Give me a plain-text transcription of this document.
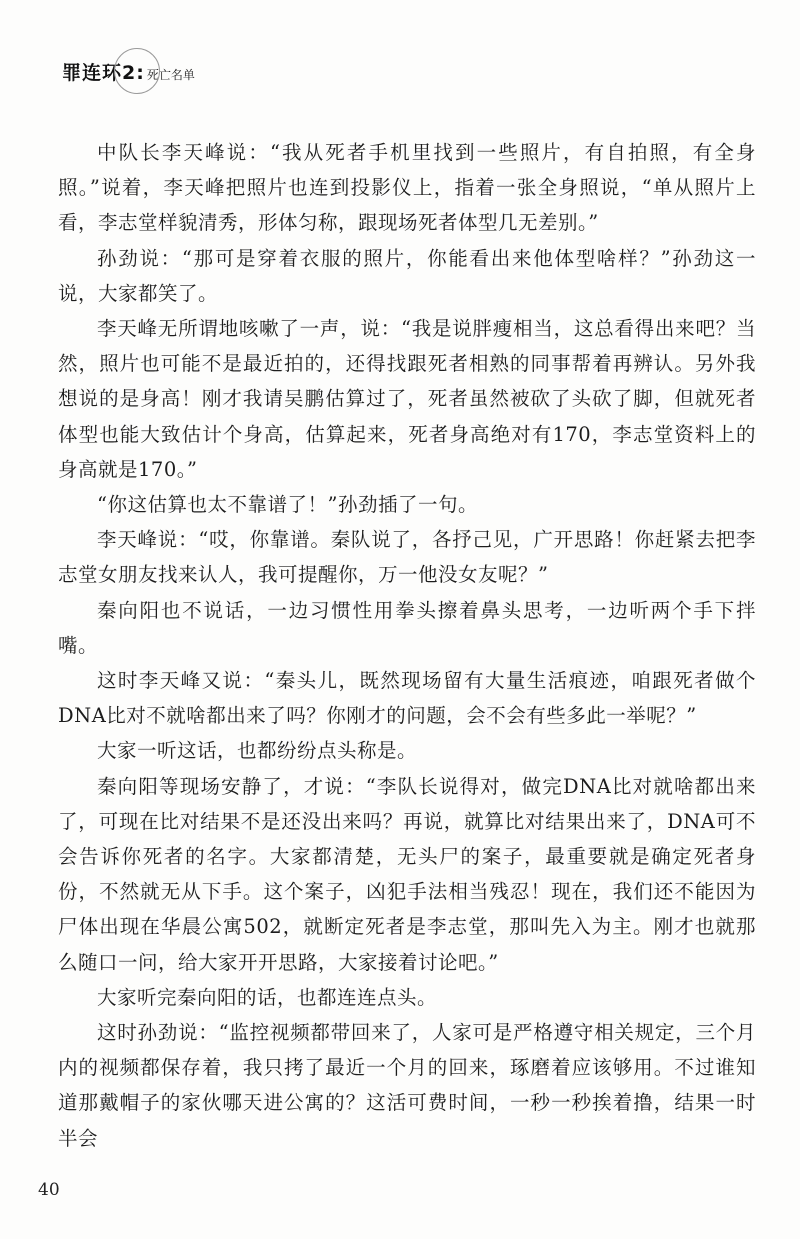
罪连环2: 死亡名单

中队长李天峰说：“我从死者手机里找到一些照片，有自拍照，有全身照。”说着，李天峰把照片也连到投影仪上，指着一张全身照说，“单从照片上看，李志堂样貌清秀，形体匀称，跟现场死者体型几无差别。”

孙劲说：“那可是穿着衣服的照片，你能看出来他体型啥样？”孙劲这一说，大家都笑了。

李天峰无所谓地咳嗽了一声，说：“我是说胖瘦相当，这总看得出来吧？当然，照片也可能不是最近拍的，还得找跟死者相熟的同事帮着再辨认。另外我想说的是身高！刚才我请吴鹏估算过了，死者虽然被砍了头砍了脚，但就死者体型也能大致估计个身高，估算起来，死者身高绝对有170，李志堂资料上的身高就是170。”

“你这估算也太不靠谱了！”孙劲插了一句。

李天峰说：“哎，你靠谱。秦队说了，各抒己见，广开思路！你赶紧去把李志堂女朋友找来认人，我可提醒你，万一他没女友呢？”

秦向阳也不说话，一边习惯性用拳头擦着鼻头思考，一边听两个手下拌嘴。

这时李天峰又说：“秦头儿，既然现场留有大量生活痕迹，咱跟死者做个DNA比对不就啥都出来了吗？你刚才的问题，会不会有些多此一举呢？”

大家一听这话，也都纷纷点头称是。

秦向阳等现场安静了，才说：“李队长说得对，做完DNA比对就啥都出来了，可现在比对结果不是还没出来吗？再说，就算比对结果出来了，DNA可不会告诉你死者的名字。大家都清楚，无头尸的案子，最重要就是确定死者身份，不然就无从下手。这个案子，凶犯手法相当残忍！现在，我们还不能因为尸体出现在华晨公寓502，就断定死者是李志堂，那叫先入为主。刚才也就那么随口一问，给大家开开思路，大家接着讨论吧。”

大家听完秦向阳的话，也都连连点头。

这时孙劲说：“监控视频都带回来了，人家可是严格遵守相关规定，三个月内的视频都保存着，我只拷了最近一个月的回来，琢磨着应该够用。不过谁知道那戴帽子的家伙哪天进公寓的？这活可费时间，一秒一秒挨着撸，结果一时半会

40
